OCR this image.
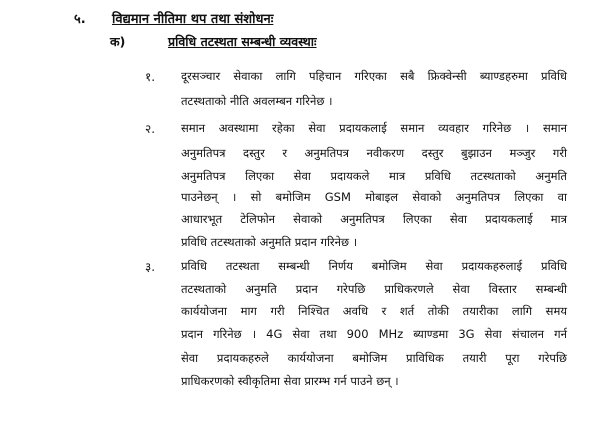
५. विद्यमान नीतिमा थप तथा संशोधनः
क)	प्रविधि तटस्थता सम्बन्धी व्यवस्थाः
१. दूरसञ्चार सेवाका लागि पहिचान गरिएका सबै फ्रिक्वेन्सी ब्याण्डहरुमा प्रविधि
तटस्थताको नीति अवलम्बन गरिनेछ ।
२. समान अवस्थामा रहेका सेवा प्रदायकलाई समान व्यवहार गरिनेछ । समान
अनुमतिपत्र दस्तुर र अनुमतिपत्र नवीकरण दस्तुर बुझाउन मञ्जुर गरी
अनुमतिपत्र लिएका सेवा प्रदायकले मात्र प्रविधि तटस्थताको अनुमति
पाउनेछन् । सो बमोजिम GSM मोबाइल सेवाको अनुमतिपत्र लिएका वा
आधारभूत टेलिफोन सेवाको अनुमतिपत्र लिएका सेवा प्रदायकलाई मात्र
प्रविधि तटस्थताको अनुमति प्रदान गरिनेछ ।
३. प्रविधि तटस्थता सम्बन्धी निर्णय बमोजिम सेवा प्रदायकहरुलाई प्रविधि
तटस्थताको अनुमति प्रदान गरेपछि प्राधिकरणले सेवा विस्तार सम्बन्धी
कार्ययोजना माग गरी निश्चित अवधि र शर्त तोकी तयारीका लागि समय
प्रदान गरिनेछ । 4G सेवा तथा 900 MHz ब्याण्डमा 3G सेवा संचालन गर्न
सेवा प्रदायकहरुले कार्ययोजना बमोजिम प्राविधिक तयारी पूरा गरेपछि
प्राधिकरणको स्वीकृतिमा सेवा प्रारम्भ गर्न पाउने छन् ।
